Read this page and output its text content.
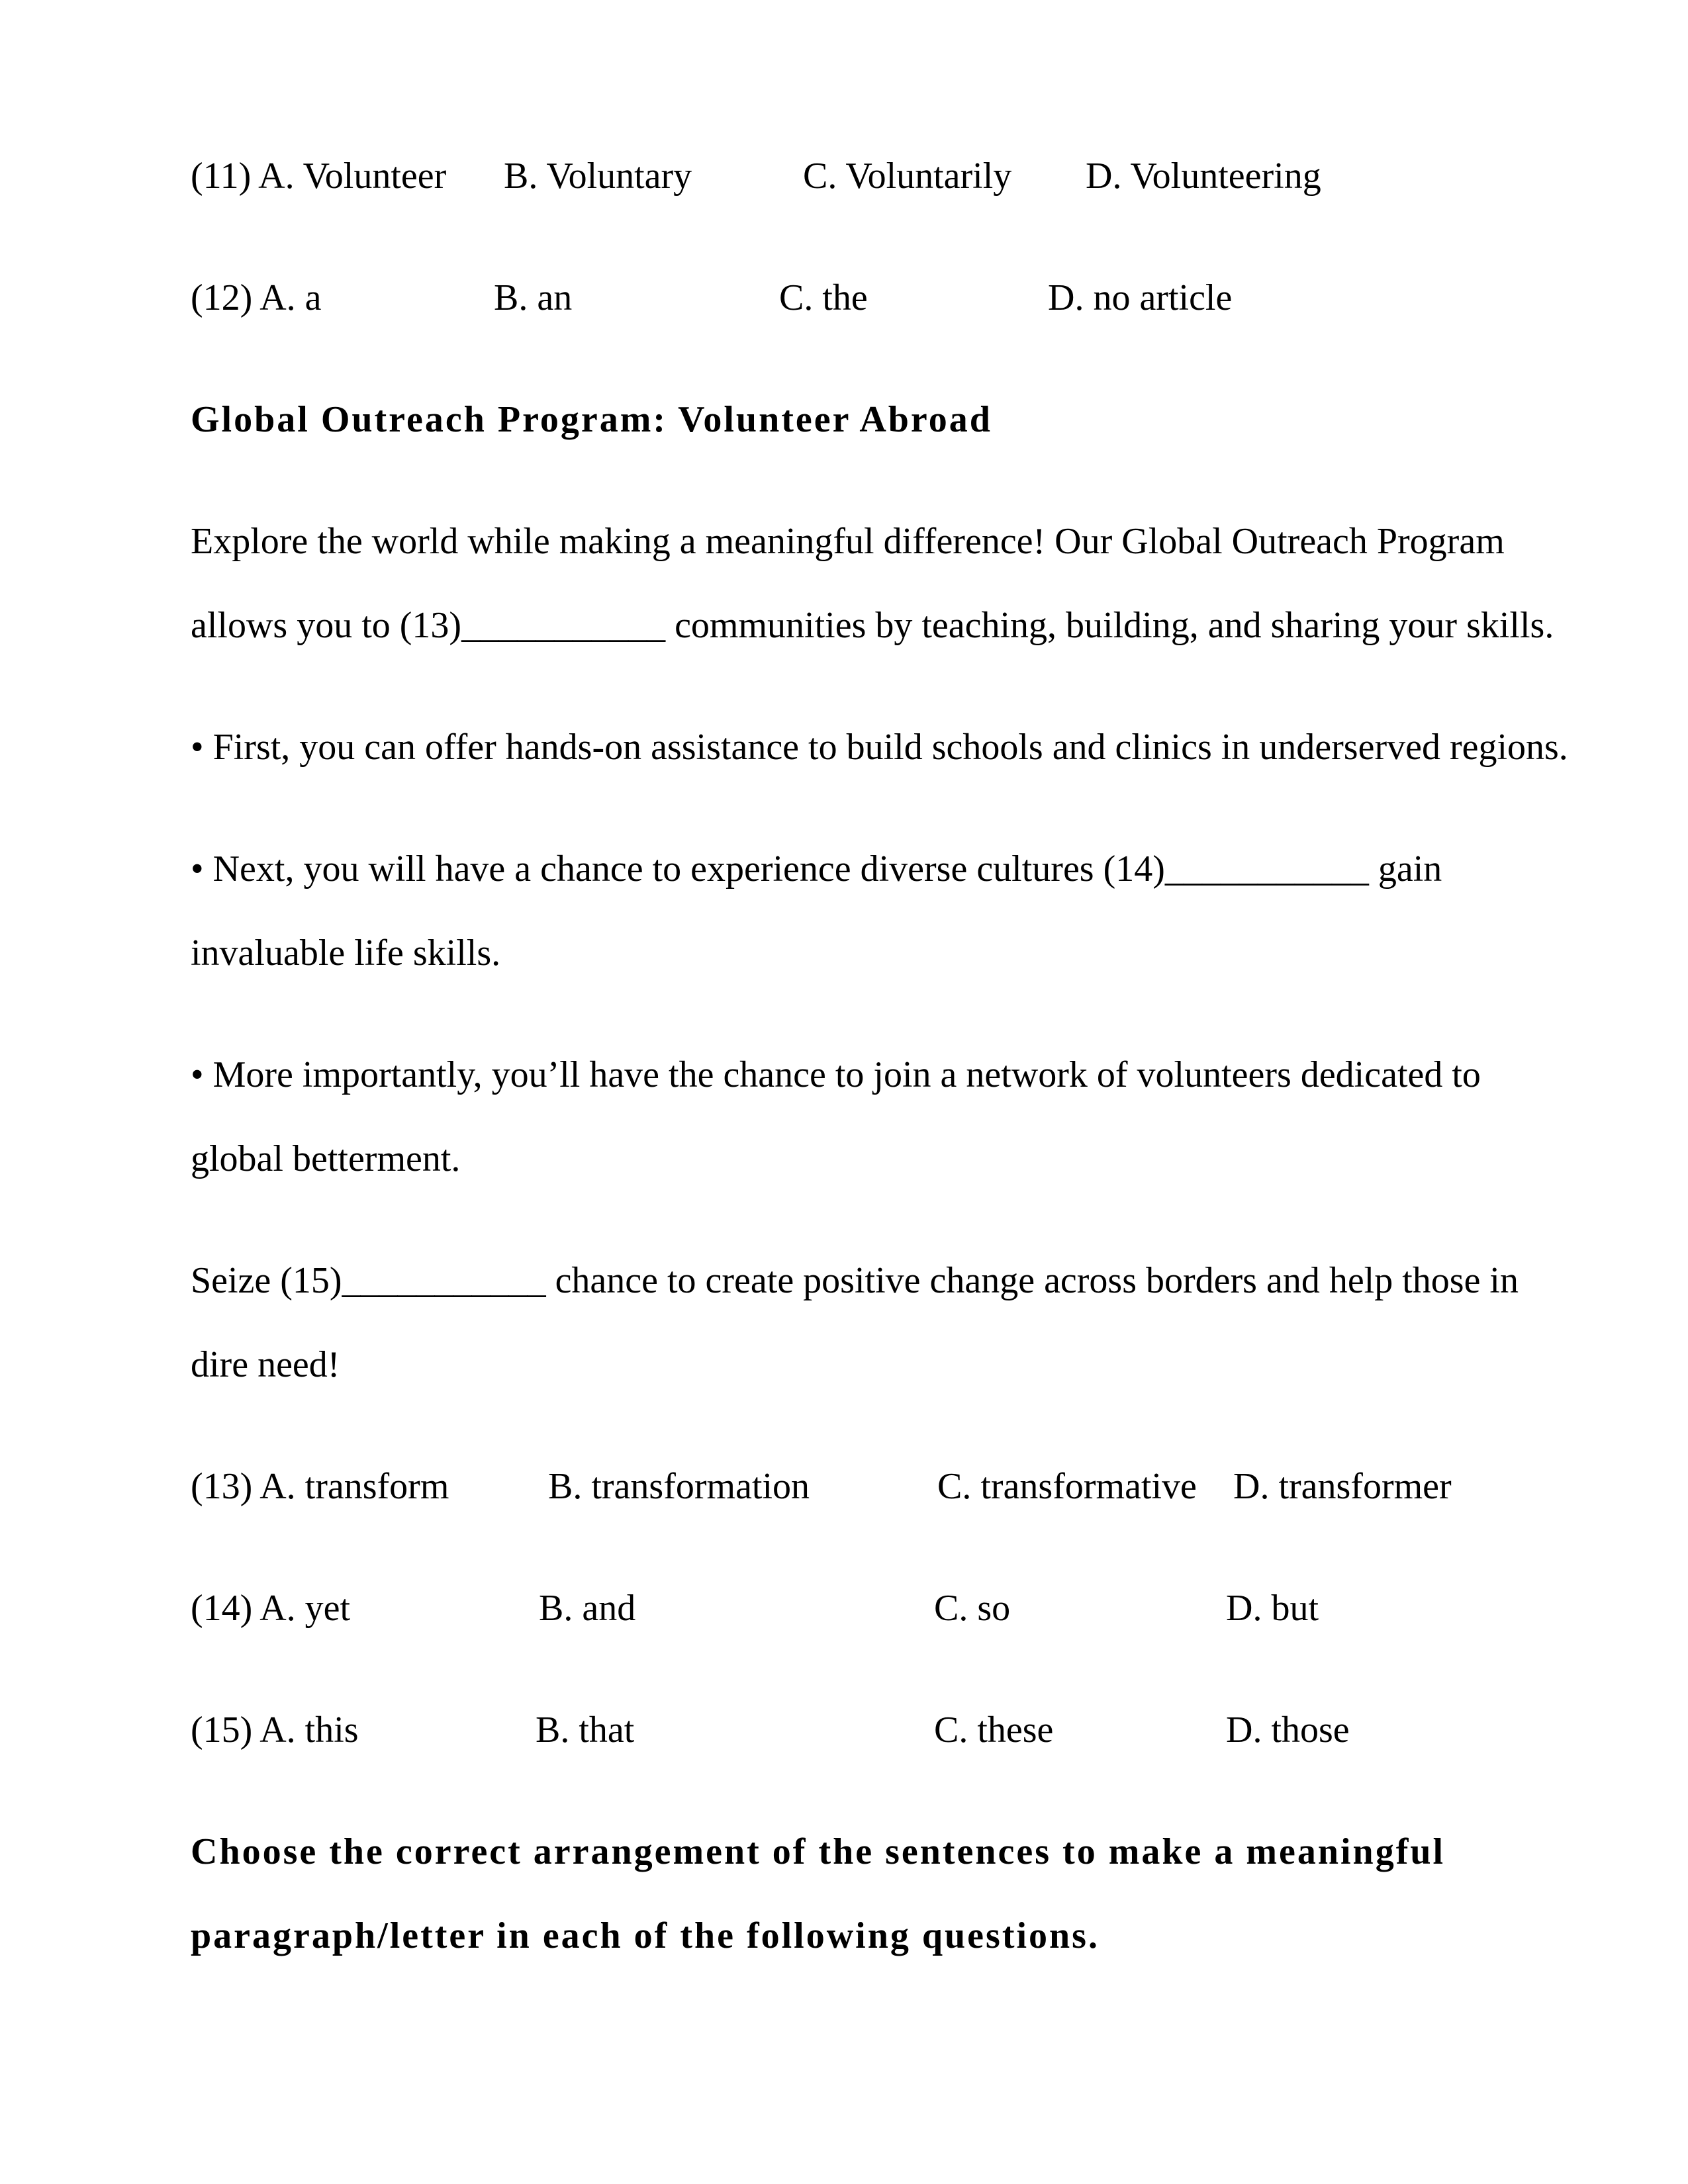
(11) A. Volunteer B. Voluntary	C. Voluntarily D. Volunteering
(12) A. a	B. an	C. the	D. no article
Global Outreach Program: Volunteer Abroad
Explore the world while making a meaningful difference! Our Global Outreach Program
allows you to (13)___________ communities by teaching, building, and sharing your skills.
• First, you can offer hands-on assistance to build schools and clinics in underserved regions.
• Next, you will have a chance to experience diverse cultures (14)___________ gain
invaluable life skills.
• More importantly, you’ll have the chance to join a network of volunteers dedicated to
global betterment.
Seize (15)___________ chance to create positive change across borders and help those in
dire need!
(13) A. transform	B. transformation	C. transformative D. transformer
(14) A. yet	B. and	C. so	D. but
(15) A. this	B. that	C. these	D. those
Choose the correct arrangement of the sentences to make a meaningful
paragraph/letter in each of the following questions.
